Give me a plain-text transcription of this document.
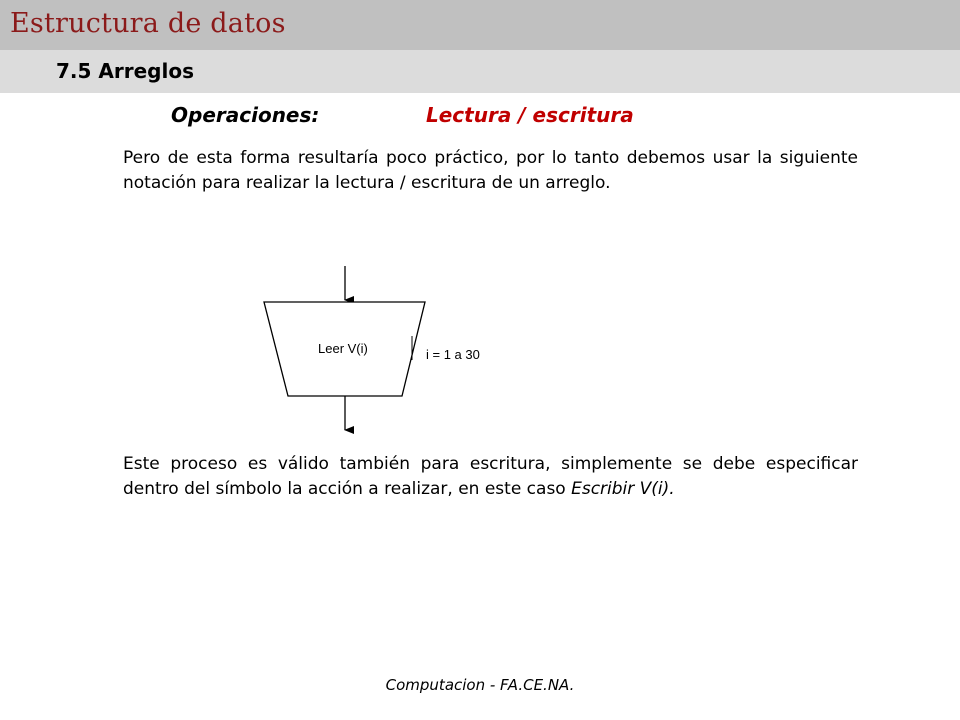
Estructura de datos
7.5 Arreglos
Operaciones:	Lectura / escritura
Pero de esta forma resultaría poco práctico, por lo tanto debemos usar la siguiente notación para realizar la lectura / escritura de un arreglo.
Leer V(i)	i = 1 a 30
Este proceso es válido también para escritura, simplemente se debe especificar dentro del símbolo la acción a realizar, en este caso Escribir V(i).
Computacion - FA.CE.NA.
